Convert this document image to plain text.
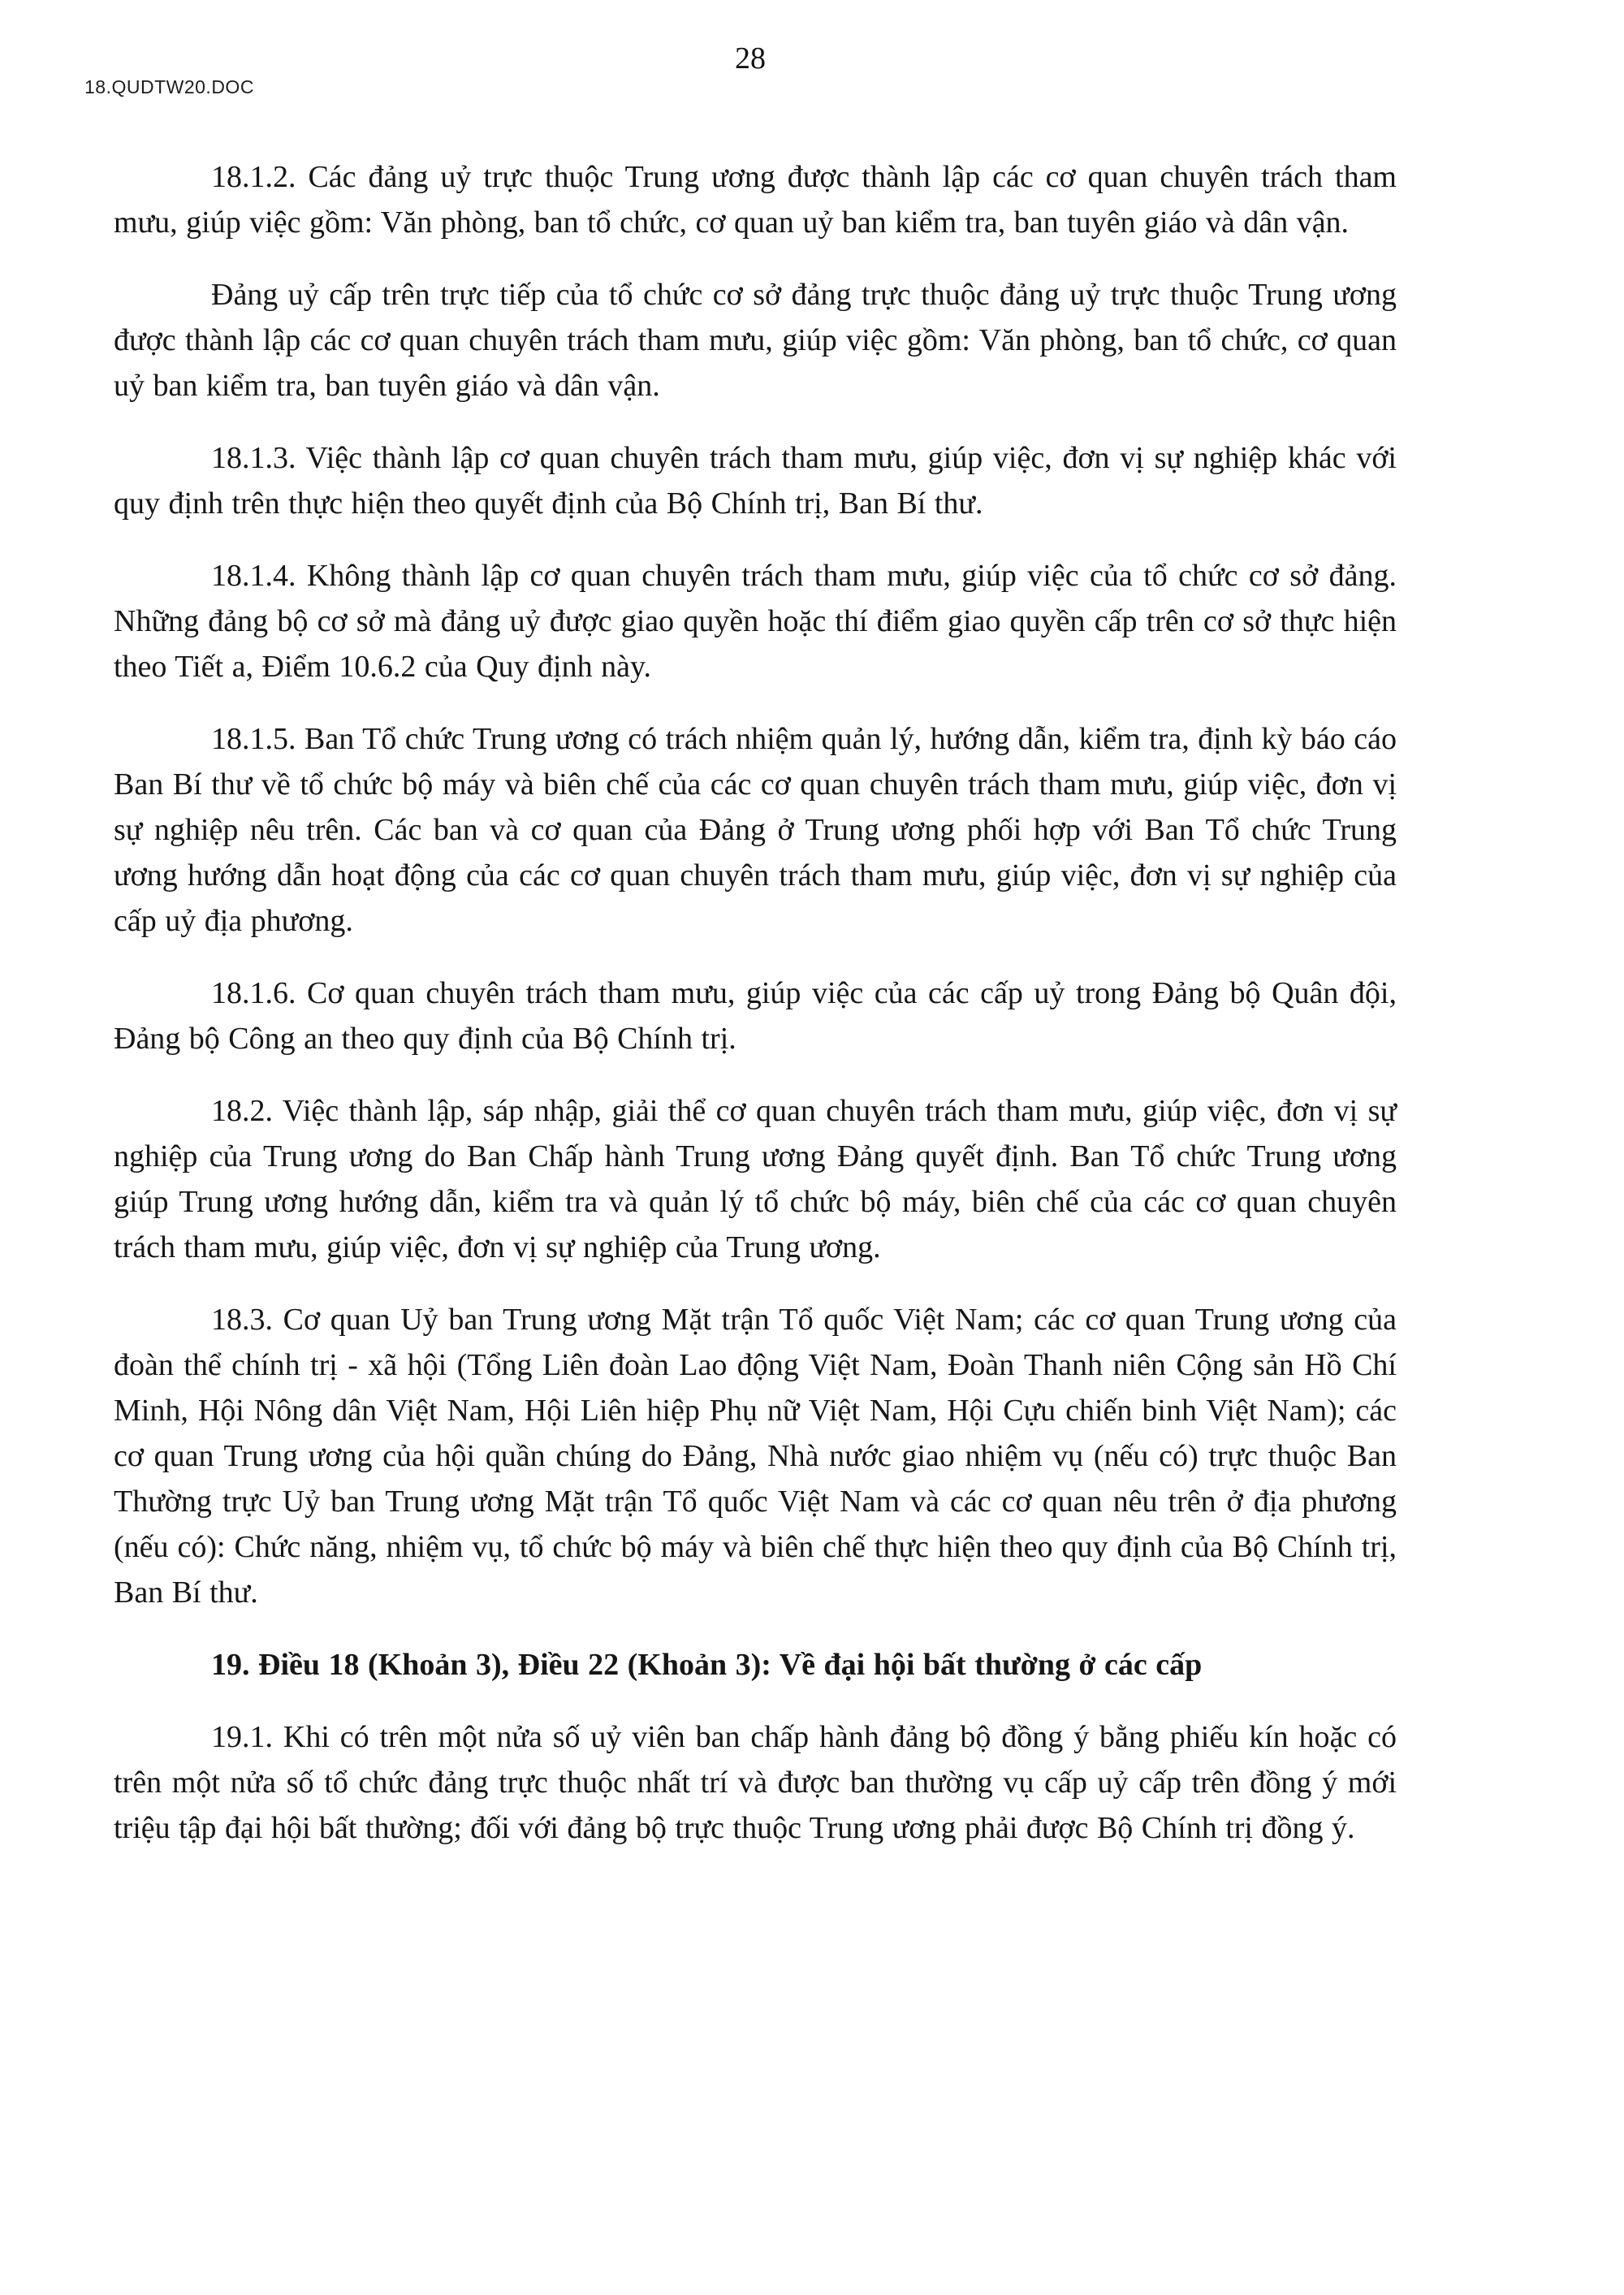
18.QUDTW20.DOC
28

18.1.2. Các đảng uỷ trực thuộc Trung ương được thành lập các cơ quan chuyên trách tham mưu, giúp việc gồm: Văn phòng, ban tổ chức, cơ quan uỷ ban kiểm tra, ban tuyên giáo và dân vận.

Đảng uỷ cấp trên trực tiếp của tổ chức cơ sở đảng trực thuộc đảng uỷ trực thuộc Trung ương được thành lập các cơ quan chuyên trách tham mưu, giúp việc gồm: Văn phòng, ban tổ chức, cơ quan uỷ ban kiểm tra, ban tuyên giáo và dân vận.

18.1.3. Việc thành lập cơ quan chuyên trách tham mưu, giúp việc, đơn vị sự nghiệp khác với quy định trên thực hiện theo quyết định của Bộ Chính trị, Ban Bí thư.

18.1.4. Không thành lập cơ quan chuyên trách tham mưu, giúp việc của tổ chức cơ sở đảng. Những đảng bộ cơ sở mà đảng uỷ được giao quyền hoặc thí điểm giao quyền cấp trên cơ sở thực hiện theo Tiết a, Điểm 10.6.2 của Quy định này.

18.1.5. Ban Tổ chức Trung ương có trách nhiệm quản lý, hướng dẫn, kiểm tra, định kỳ báo cáo Ban Bí thư về tổ chức bộ máy và biên chế của các cơ quan chuyên trách tham mưu, giúp việc, đơn vị sự nghiệp nêu trên. Các ban và cơ quan của Đảng ở Trung ương phối hợp với Ban Tổ chức Trung ương hướng dẫn hoạt động của các cơ quan chuyên trách tham mưu, giúp việc, đơn vị sự nghiệp của cấp uỷ địa phương.

18.1.6. Cơ quan chuyên trách tham mưu, giúp việc của các cấp uỷ trong Đảng bộ Quân đội, Đảng bộ Công an theo quy định của Bộ Chính trị.

18.2. Việc thành lập, sáp nhập, giải thể cơ quan chuyên trách tham mưu, giúp việc, đơn vị sự nghiệp của Trung ương do Ban Chấp hành Trung ương Đảng quyết định. Ban Tổ chức Trung ương giúp Trung ương hướng dẫn, kiểm tra và quản lý tổ chức bộ máy, biên chế của các cơ quan chuyên trách tham mưu, giúp việc, đơn vị sự nghiệp của Trung ương.

18.3. Cơ quan Uỷ ban Trung ương Mặt trận Tổ quốc Việt Nam; các cơ quan Trung ương của đoàn thể chính trị - xã hội (Tổng Liên đoàn Lao động Việt Nam, Đoàn Thanh niên Cộng sản Hồ Chí Minh, Hội Nông dân Việt Nam, Hội Liên hiệp Phụ nữ Việt Nam, Hội Cựu chiến binh Việt Nam); các cơ quan Trung ương của hội quần chúng do Đảng, Nhà nước giao nhiệm vụ (nếu có) trực thuộc Ban Thường trực Uỷ ban Trung ương Mặt trận Tổ quốc Việt Nam và các cơ quan nêu trên ở địa phương (nếu có): Chức năng, nhiệm vụ, tổ chức bộ máy và biên chế thực hiện theo quy định của Bộ Chính trị, Ban Bí thư.

19. Điều 18 (Khoản 3), Điều 22 (Khoản 3): Về đại hội bất thường ở các cấp

19.1. Khi có trên một nửa số uỷ viên ban chấp hành đảng bộ đồng ý bằng phiếu kín hoặc có trên một nửa số tổ chức đảng trực thuộc nhất trí và được ban thường vụ cấp uỷ cấp trên đồng ý mới triệu tập đại hội bất thường; đối với đảng bộ trực thuộc Trung ương phải được Bộ Chính trị đồng ý.
